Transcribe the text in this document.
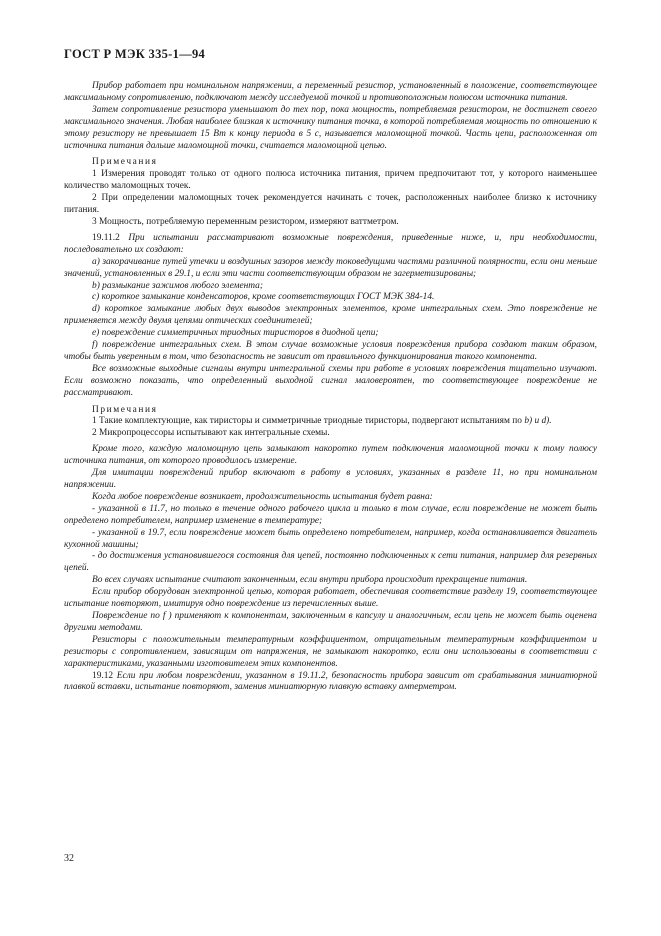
ГОСТ Р МЭК 335-1—94

Прибор работает при номинальном напряжении, а переменный резистор, установленный в положение, соответствующее максимальному сопротивлению, подключают между исследуемой точкой и противоположным полюсом источника питания.

Затем сопротивление резистора уменьшают до тех пор, пока мощность, потребляемая резистором, не достигнет своего максимального значения. Любая наиболее близкая к источнику питания точка, в которой потребляемая мощность по отношению к этому резистору не превышает 15 Вт к концу периода в 5 с, называется маломощной точкой. Часть цепи, расположенная от источника питания дальше маломощной точки, считается маломощной цепью.

Примечания

1 Измерения проводят только от одного полюса источника питания, причем предпочитают тот, у которого наименьшее количество маломощных точек.

2 При определении маломощных точек рекомендуется начинать с точек, расположенных наиболее близко к источнику питания.

3 Мощность, потребляемую переменным резистором, измеряют ваттметром.

19.11.2 При испытании рассматривают возможные повреждения, приведенные ниже, и, при необходимости, последовательно их создают:

а) закорачивание путей утечки и воздушных зазоров между токоведущими частями различной полярности, если они меньше значений, установленных в 29.1, и если эти части соответствующим образом не загерметизированы;

b) размыкание зажимов любого элемента;

с) короткое замыкание конденсаторов, кроме соответствующих ГОСТ МЭК 384-14.

d) короткое замыкание любых двух выводов электронных элементов, кроме интегральных схем. Это повреждение не применяется между двумя цепями оптических соединителей;

е) повреждение симметричных триодных тиристоров в диодной цепи;

f) повреждение интегральных схем. В этом случае возможные условия повреждения прибора создают таким образом, чтобы быть уверенным в том, что безопасность не зависит от правильного функционирования такого компонента.

Все возможные выходные сигналы внутри интегральной схемы при работе в условиях повреждения тщательно изучают. Если возможно показать, что определенный выходной сигнал маловероятен, то соответствующее повреждение не рассматривают.

Примечания

1 Такие комплектующие, как тиристоры и симметричные триодные тиристоры, подвергают испытаниям по b) и d).

2 Микропроцессоры испытывают как интегральные схемы.

Кроме того, каждую маломощную цепь замыкают накоротко путем подключения маломощной точки к тому полюсу источника питания, от которого проводилось измерение.

Для имитации повреждений прибор включают в работу в условиях, указанных в разделе 11, но при номинальном напряжении.

Когда любое повреждение возникает, продолжительность испытания будет равна:

- указанной в 11.7, но только в течение одного рабочего цикла и только в том случае, если повреждение не может быть определено потребителем, например изменение в температуре;

- указанной в 19.7, если повреждение может быть определено потребителем, например, когда останавливается двигатель кухонной машины;

- до достижения установившегося состояния для цепей, постоянно подключенных к сети питания, например для резервных цепей.

Во всех случаях испытание считают законченным, если внутри прибора происходит прекращение питания.

Если прибор оборудован электронной цепью, которая работает, обеспечивая соответствие разделу 19, соответствующее испытание повторяют, имитируя одно повреждение из перечисленных выше.

Повреждение по f ) применяют к компонентам, заключенным в капсулу и аналогичным, если цепь не может быть оценена другими методами.

Резисторы с положительным температурным коэффициентом, отрицательным температурным коэффициентом и резисторы с сопротивлением, зависящим от напряжения, не замыкают накоротко, если они использованы в соответствии с характеристиками, указанными изготовителем этих компонентов.

19.12 Если при любом повреждении, указанном в 19.11.2, безопасность прибора зависит от срабатывания миниатюрной плавкой вставки, испытание повторяют, заменив миниатюрную плавкую вставку амперметром.

32
